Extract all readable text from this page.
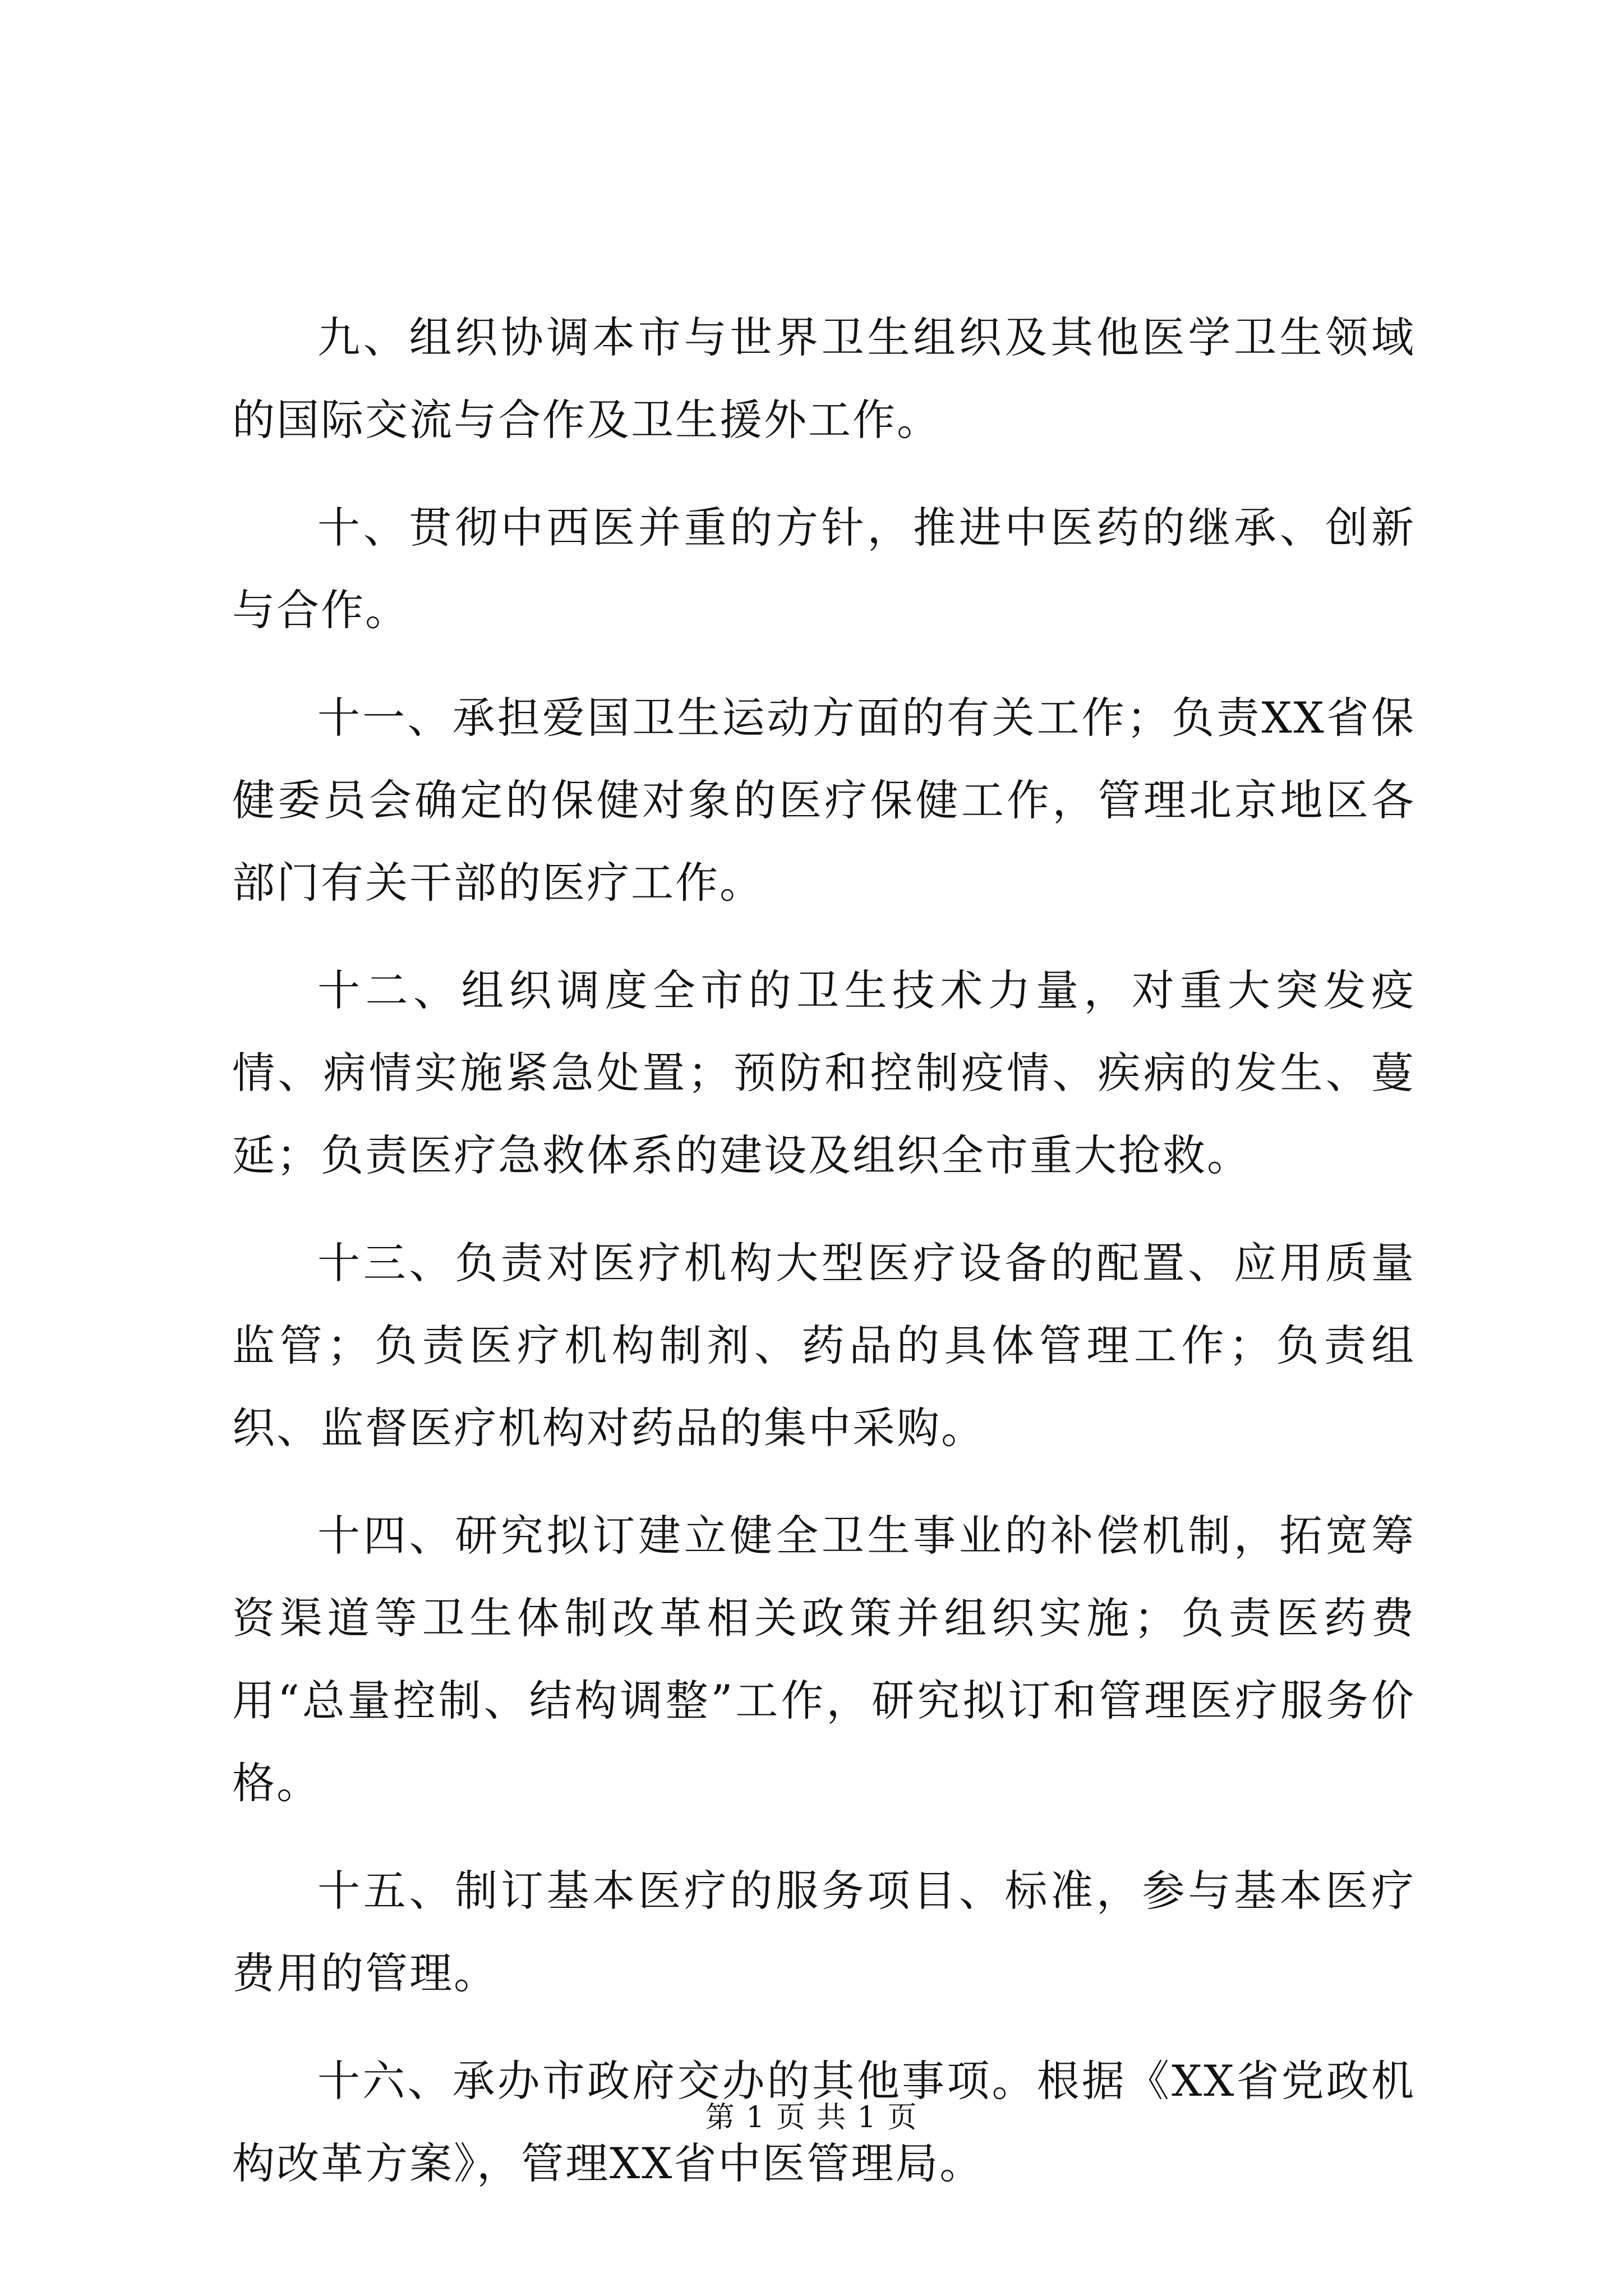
九、组织协调本市与世界卫生组织及其他医学卫生领域的国际交流与合作及卫生援外工作。

十、贯彻中西医并重的方针，推进中医药的继承、创新与合作。

十一、承担爱国卫生运动方面的有关工作；负责XX省保健委员会确定的保健对象的医疗保健工作，管理北京地区各部门有关干部的医疗工作。

十二、组织调度全市的卫生技术力量，对重大突发疫情、病情实施紧急处置；预防和控制疫情、疾病的发生、蔓延；负责医疗急救体系的建设及组织全市重大抢救。

十三、负责对医疗机构大型医疗设备的配置、应用质量监管；负责医疗机构制剂、药品的具体管理工作；负责组织、监督医疗机构对药品的集中采购。

十四、研究拟订建立健全卫生事业的补偿机制，拓宽筹资渠道等卫生体制改革相关政策并组织实施；负责医药费用“总量控制、结构调整”工作，研究拟订和管理医疗服务价格。

十五、制订基本医疗的服务项目、标准，参与基本医疗费用的管理。

十六、承办市政府交办的其他事项。根据《XX省党政机构改革方案》，管理XX省中医管理局。

第 1 页 共 1 页
